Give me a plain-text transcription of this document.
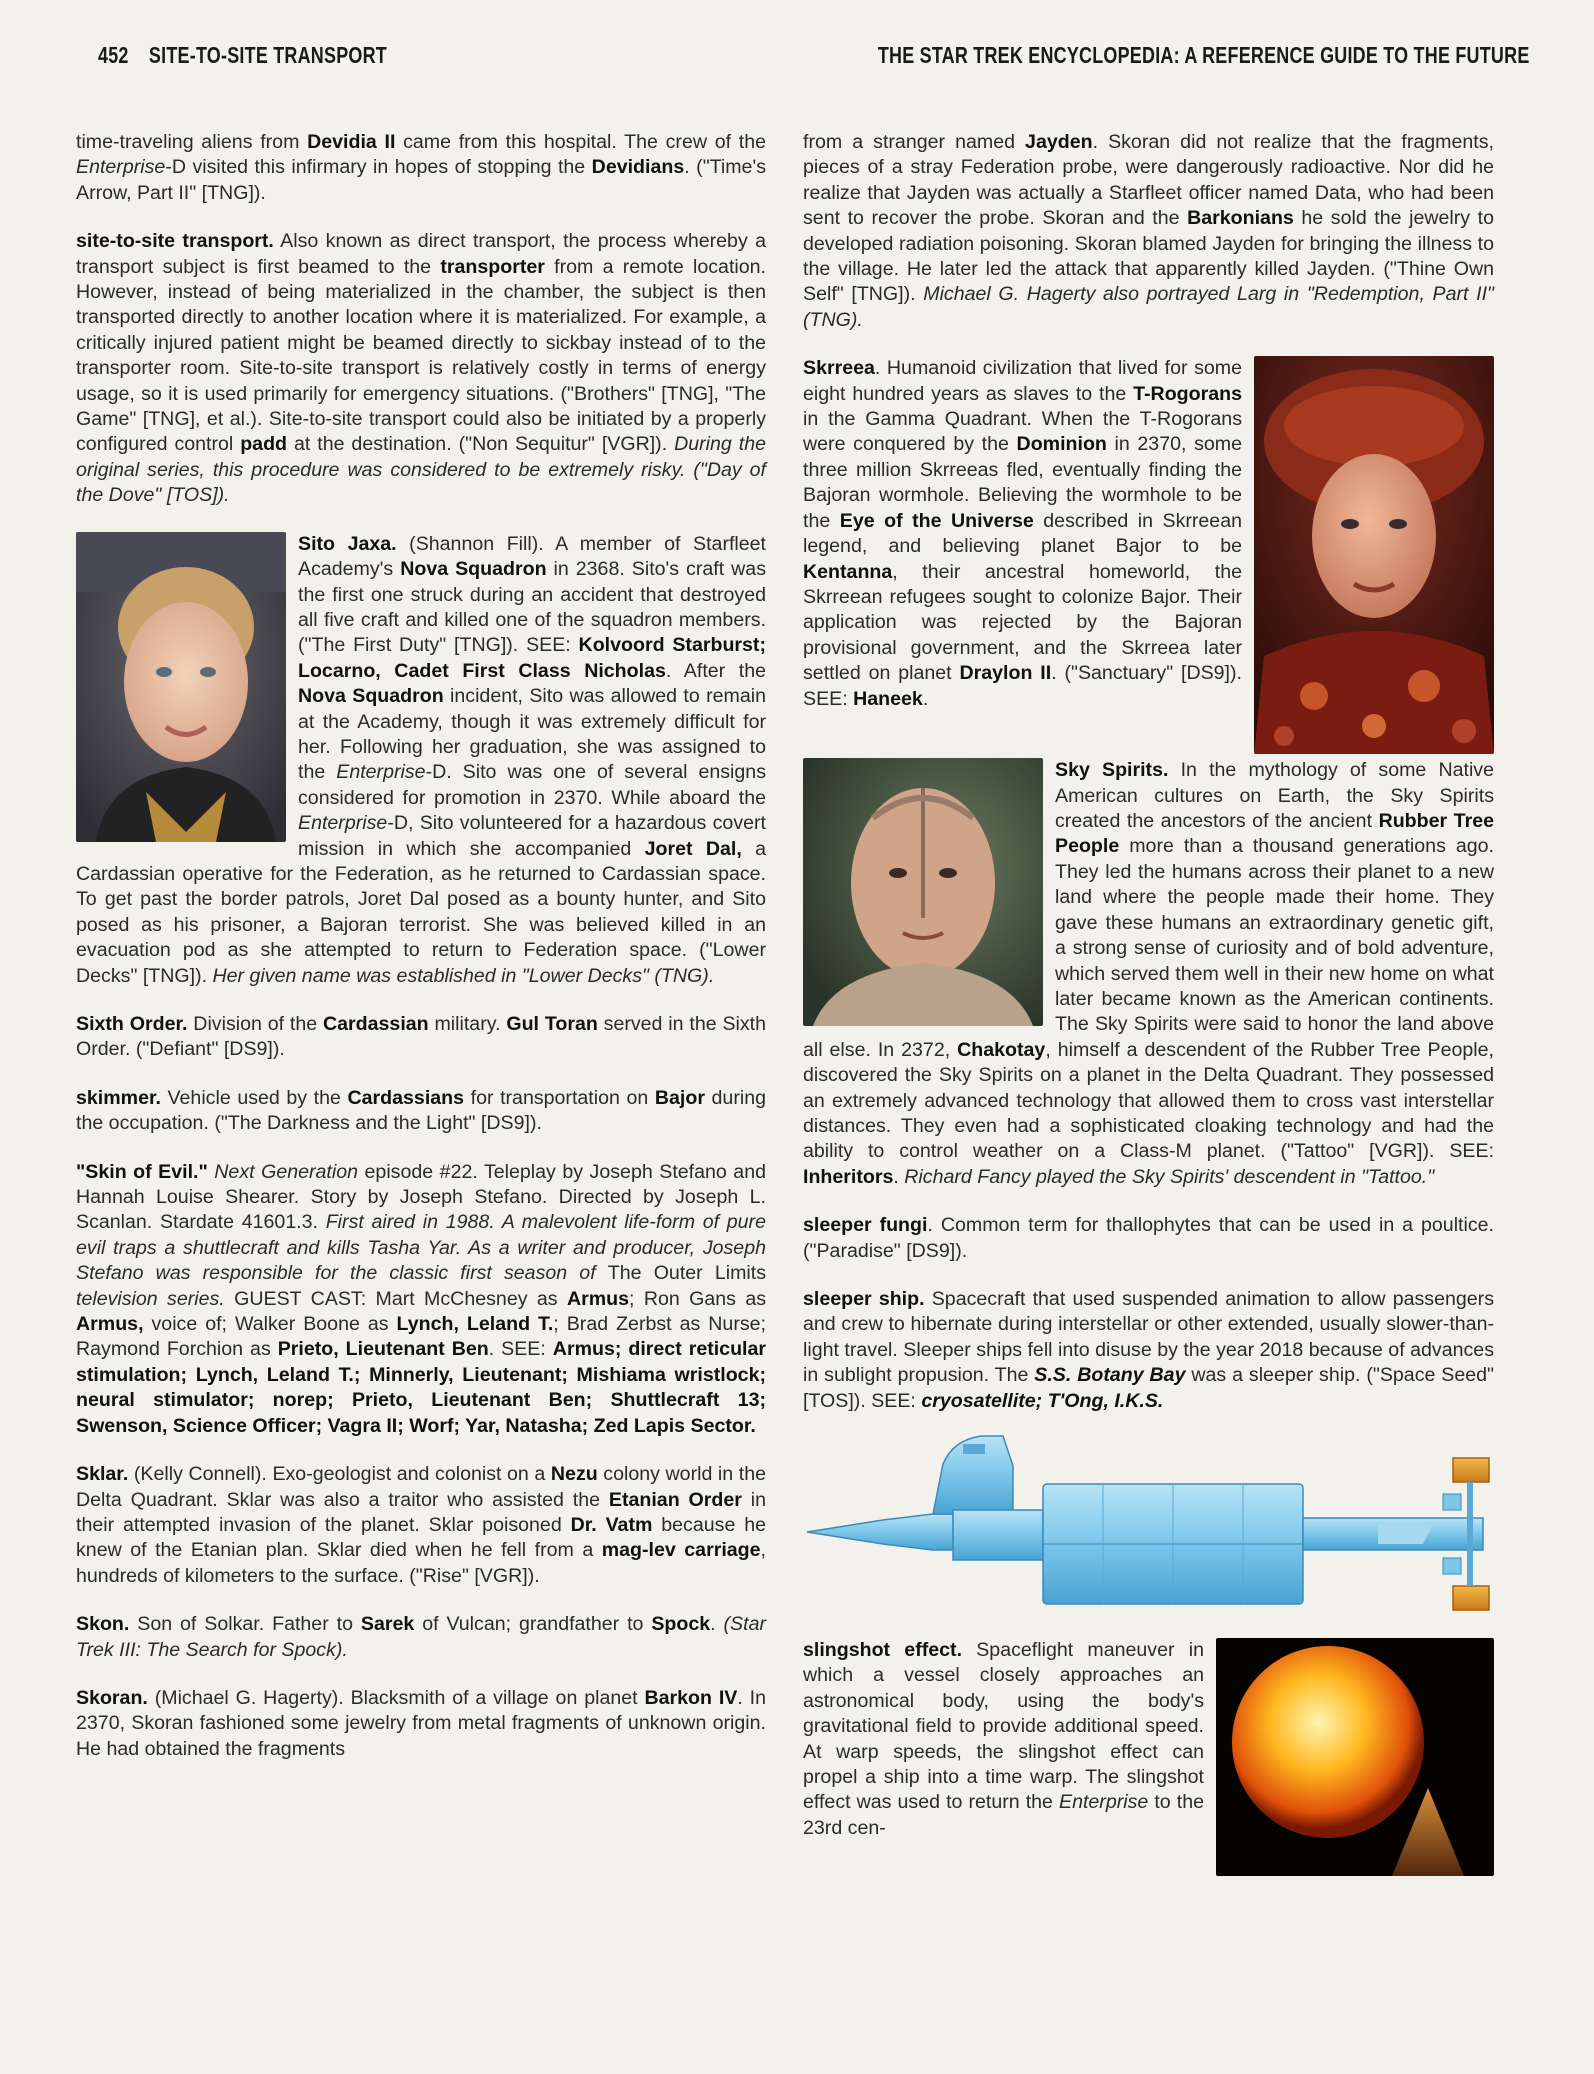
452 SITE-TO-SITE TRANSPORT	THE STAR TREK ENCYCLOPEDIA: A REFERENCE GUIDE TO THE FUTURE

time-traveling aliens from Devidia II came from this hospital. The crew of the Enterprise-D visited this infirmary in hopes of stopping the Devidians. ("Time's Arrow, Part II" [TNG]).

site-to-site transport. Also known as direct transport, the process whereby a transport subject is first beamed to the transporter from a remote location. However, instead of being materialized in the chamber, the subject is then transported directly to another location where it is materialized. For example, a critically injured patient might be beamed directly to sickbay instead of to the transporter room. Site-to-site transport is relatively costly in terms of energy usage, so it is used primarily for emergency situations. ("Brothers" [TNG], "The Game" [TNG], et al.). Site-to-site transport could also be initiated by a properly configured control padd at the destination. ("Non Sequitur" [VGR]). During the original series, this procedure was considered to be extremely risky. ("Day of the Dove" [TOS]).

Sito Jaxa. (Shannon Fill). A member of Starfleet Academy's Nova Squadron in 2368. Sito's craft was the first one struck during an accident that destroyed all five craft and killed one of the squadron members. ("The First Duty" [TNG]). SEE: Kolvoord Starburst; Locarno, Cadet First Class Nicholas. After the Nova Squadron incident, Sito was allowed to remain at the Academy, though it was extremely difficult for her. Following her graduation, she was assigned to the Enterprise-D. Sito was one of several ensigns considered for promotion in 2370. While aboard the Enterprise-D, Sito volunteered for a hazardous covert mission in which she accompanied Joret Dal, a Cardassian operative for the Federation, as he returned to Cardassian space. To get past the border patrols, Joret Dal posed as a bounty hunter, and Sito posed as his prisoner, a Bajoran terrorist. She was believed killed in an evacuation pod as she attempted to return to Federation space. ("Lower Decks" [TNG]). Her given name was established in "Lower Decks" (TNG).

Sixth Order. Division of the Cardassian military. Gul Toran served in the Sixth Order. ("Defiant" [DS9]).

skimmer. Vehicle used by the Cardassians for transportation on Bajor during the occupation. ("The Darkness and the Light" [DS9]).

"Skin of Evil." Next Generation episode #22. Teleplay by Joseph Stefano and Hannah Louise Shearer. Story by Joseph Stefano. Directed by Joseph L. Scanlan. Stardate 41601.3. First aired in 1988. A malevolent life-form of pure evil traps a shuttlecraft and kills Tasha Yar. As a writer and producer, Joseph Stefano was responsible for the classic first season of The Outer Limits television series. GUEST CAST: Mart McChesney as Armus; Ron Gans as Armus, voice of; Walker Boone as Lynch, Leland T.; Brad Zerbst as Nurse; Raymond Forchion as Prieto, Lieutenant Ben. SEE: Armus; direct reticular stimulation; Lynch, Leland T.; Minnerly, Lieutenant; Mishiama wristlock; neural stimulator; norep; Prieto, Lieutenant Ben; Shuttlecraft 13; Swenson, Science Officer; Vagra II; Worf; Yar, Natasha; Zed Lapis Sector.

Sklar. (Kelly Connell). Exo-geologist and colonist on a Nezu colony world in the Delta Quadrant. Sklar was also a traitor who assisted the Etanian Order in their attempted invasion of the planet. Sklar poisoned Dr. Vatm because he knew of the Etanian plan. Sklar died when he fell from a mag-lev carriage, hundreds of kilometers to the surface. ("Rise" [VGR]).

Skon. Son of Solkar. Father to Sarek of Vulcan; grandfather to Spock. (Star Trek III: The Search for Spock).

Skoran. (Michael G. Hagerty). Blacksmith of a village on planet Barkon IV. In 2370, Skoran fashioned some jewelry from metal fragments of unknown origin. He had obtained the fragments

from a stranger named Jayden. Skoran did not realize that the fragments, pieces of a stray Federation probe, were dangerously radioactive. Nor did he realize that Jayden was actually a Starfleet officer named Data, who had been sent to recover the probe. Skoran and the Barkonians he sold the jewelry to developed radiation poisoning. Skoran blamed Jayden for bringing the illness to the village. He later led the attack that apparently killed Jayden. ("Thine Own Self" [TNG]). Michael G. Hagerty also portrayed Larg in "Redemption, Part II" (TNG).

Skrreea. Humanoid civilization that lived for some eight hundred years as slaves to the T-Rogorans in the Gamma Quadrant. When the T-Rogorans were conquered by the Dominion in 2370, some three million Skrreeas fled, eventually finding the Bajoran wormhole. Believing the wormhole to be the Eye of the Universe described in Skrreean legend, and believing planet Bajor to be Kentanna, their ancestral homeworld, the Skrreean refugees sought to colonize Bajor. Their application was rejected by the Bajoran provisional government, and the Skrreea later settled on planet Draylon II. ("Sanctuary" [DS9]). SEE: Haneek.

Sky Spirits. In the mythology of some Native American cultures on Earth, the Sky Spirits created the ancestors of the ancient Rubber Tree People more than a thousand generations ago. They led the humans across their planet to a new land where the people made their home. They gave these humans an extraordinary genetic gift, a strong sense of curiosity and of bold adventure, which served them well in their new home on what later became known as the American continents. The Sky Spirits were said to honor the land above all else. In 2372, Chakotay, himself a descendent of the Rubber Tree People, discovered the Sky Spirits on a planet in the Delta Quadrant. They possessed an extremely advanced technology that allowed them to cross vast interstellar distances. They even had a sophisticated cloaking technology and had the ability to control weather on a Class-M planet. ("Tattoo" [VGR]). SEE: Inheritors. Richard Fancy played the Sky Spirits' descendent in "Tattoo."

sleeper fungi. Common term for thallophytes that can be used in a poultice. ("Paradise" [DS9]).

sleeper ship. Spacecraft that used suspended animation to allow passengers and crew to hibernate during interstellar or other extended, usually slower-than-light travel. Sleeper ships fell into disuse by the year 2018 because of advances in sublight propusion. The S.S. Botany Bay was a sleeper ship. ("Space Seed" [TOS]). SEE: cryosatellite; T'Ong, I.K.S.

slingshot effect. Spaceflight maneuver in which a vessel closely approaches an astronomical body, using the body's gravitational field to provide additional speed. At warp speeds, the slingshot effect can propel a ship into a time warp. The slingshot effect was used to return the Enterprise to the 23rd cen-
